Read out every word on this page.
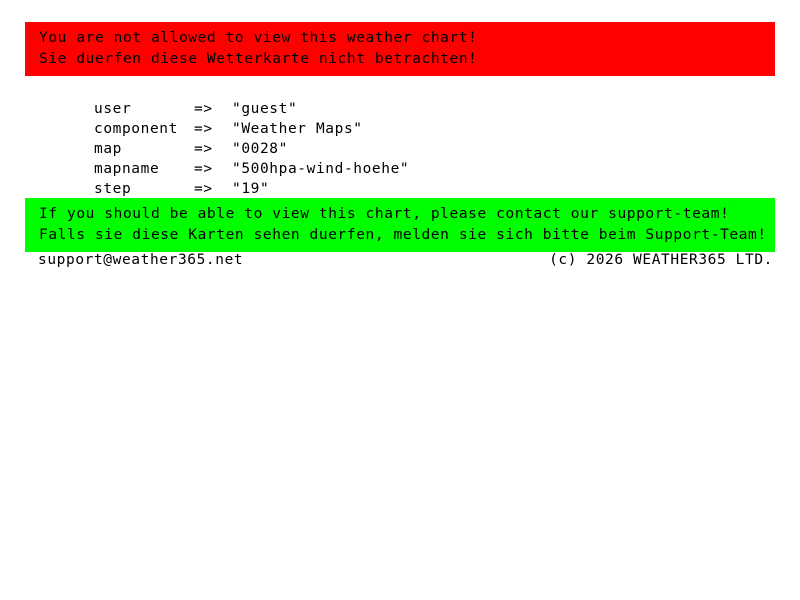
You are not allowed to view this weather chart!
Sie duerfen diese Wetterkarte nicht betrachten!

user	=> "guest"

component => "Weather Maps"

map	=> "0028"

mapname => "500hpa-wind-hoehe"

step	=> "19"

If you should be able to view this chart, please contact our support-team!
Falls sie diese Karten sehen duerfen, melden sie sich bitte beim Support-Team!
support@weather365.net	(c) 2026 WEATHER365 LTD.
